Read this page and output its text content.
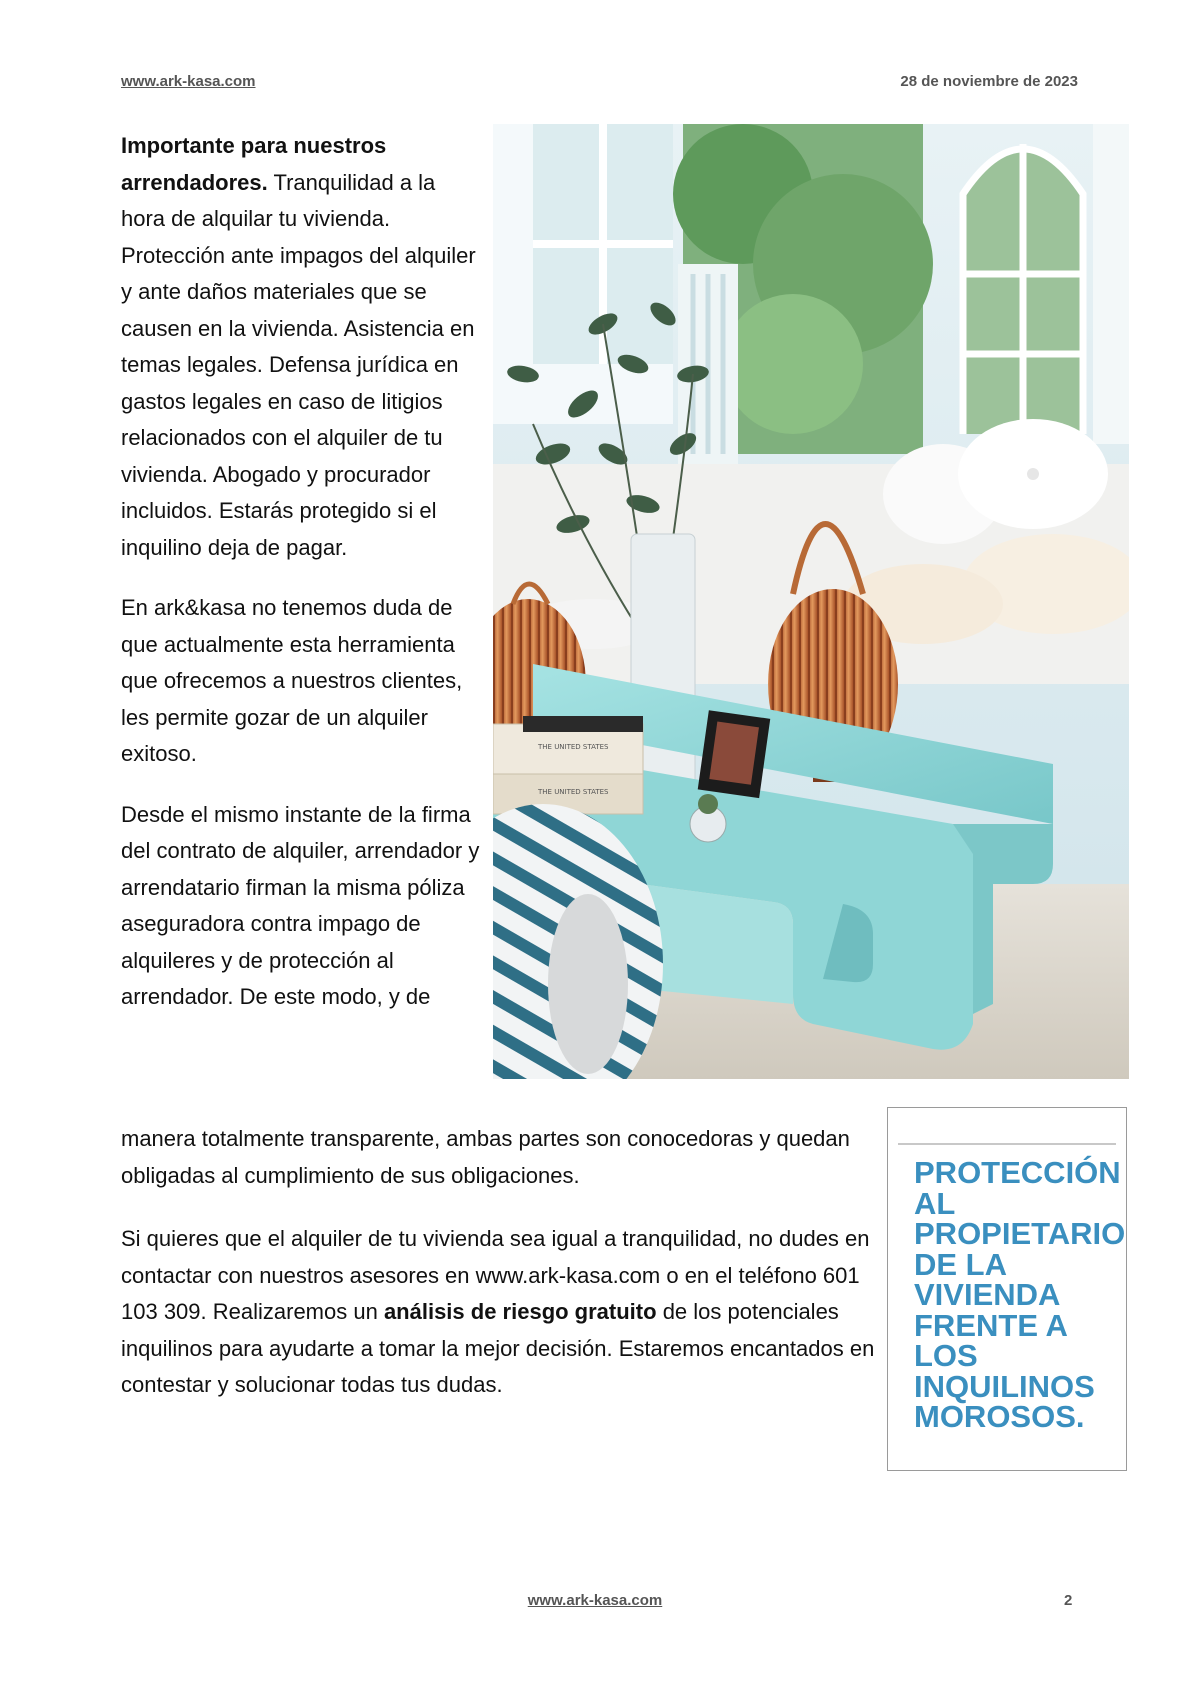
www.ark-kasa.com	28 de noviembre de 2023

Importante para nuestros arrendadores. Tranquilidad a la hora de alquilar tu vivienda. Protección ante impagos del alquiler y ante daños materiales que se causen en la vivienda. Asistencia en temas legales. Defensa jurídica en gastos legales en caso de litigios relacionados con el alquiler de tu vivienda. Abogado y procurador incluidos. Estarás protegido si el inquilino deja de pagar.

En ark&kasa no tenemos duda de que actualmente esta herramienta que ofrecemos a nuestros clientes, les permite gozar de un alquiler exitoso.

Desde el mismo instante de la firma del contrato de alquiler, arrendador y arrendatario firman la misma póliza aseguradora contra impago de alquileres y de protección al arrendador. De este modo, y de

THE UNITED STATES
THE UNITED STATES

manera totalmente transparente, ambas partes son conocedoras y quedan obligadas al cumplimiento de sus obligaciones.

Si quieres que el alquiler de tu vivienda sea igual a tranquilidad, no dudes en contactar con nuestros asesores en www.ark-kasa.com o en el teléfono 601 103 309. Realizaremos un análisis de riesgo gratuito de los potenciales inquilinos para ayudarte a tomar la mejor decisión. Estaremos encantados en contestar y solucionar todas tus dudas.

PROTECCIÓN AL PROPIETARIO DE LA VIVIENDA FRENTE A LOS INQUILINOS MOROSOS.
www.ark-kasa.com	2
